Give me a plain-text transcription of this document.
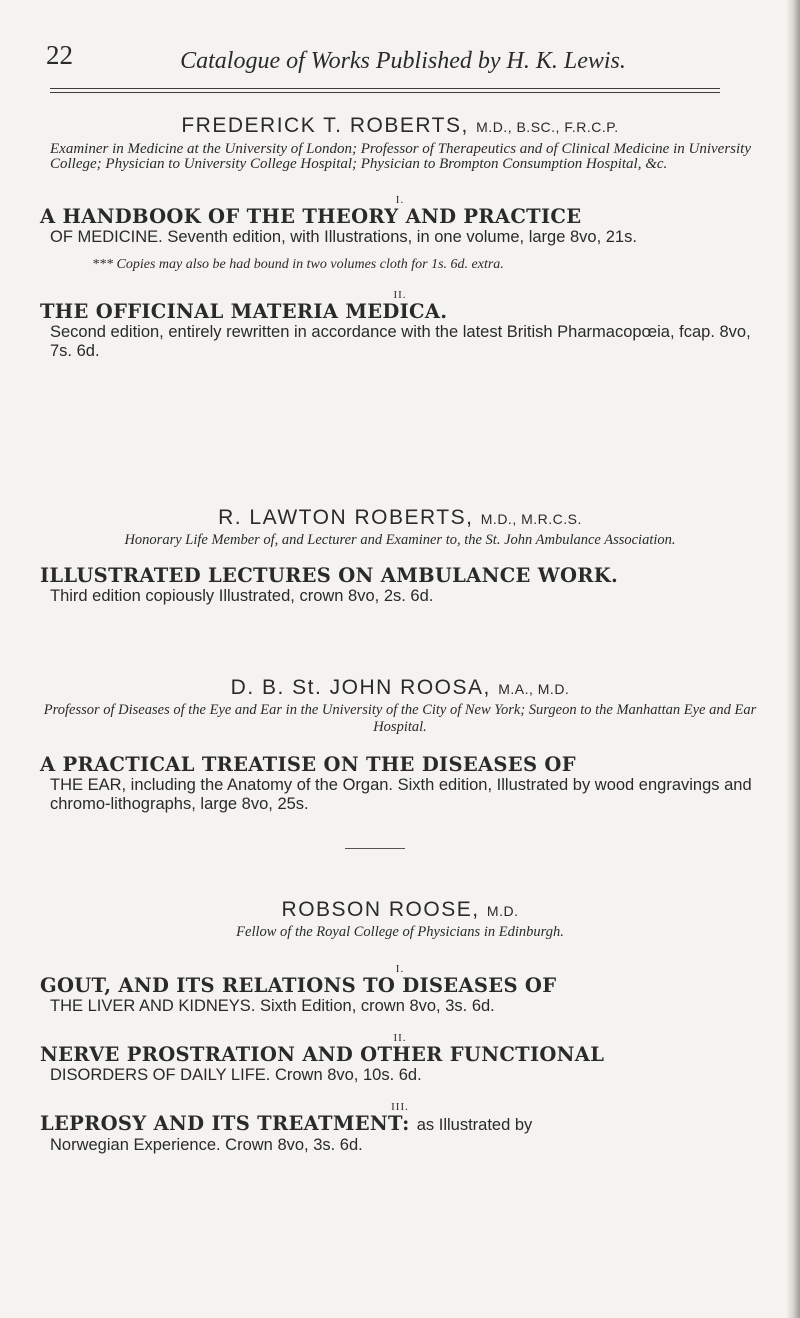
22	Catalogue of Works Published by H. K. Lewis.
FREDERICK T. ROBERTS, M.D., B.SC., F.R.C.P.
Examiner in Medicine at the University of London; Professor of Therapeutics and of Clinical Medicine in University College; Physician to University College Hospital; Physician to Brompton Consumption Hospital, &c.
I.
A HANDBOOK OF THE THEORY AND PRACTICE
OF MEDICINE. Seventh edition, with Illustrations, in one volume, large 8vo, 21s.
*** Copies may also be had bound in two volumes cloth for 1s. 6d. extra.
II.
THE OFFICINAL MATERIA MEDICA.
Second edition, entirely rewritten in accordance with the latest British Pharmacopœia, fcap. 8vo, 7s. 6d.
R. LAWTON ROBERTS, M.D., M.R.C.S.
Honorary Life Member of, and Lecturer and Examiner to, the St. John Ambulance Association.
ILLUSTRATED LECTURES ON AMBULANCE WORK.
Third edition copiously Illustrated, crown 8vo, 2s. 6d.
D. B. St. JOHN ROOSA, M.A., M.D.
Professor of Diseases of the Eye and Ear in the University of the City of New York; Surgeon to the Manhattan Eye and Ear Hospital.
A PRACTICAL TREATISE ON THE DISEASES OF
THE EAR, including the Anatomy of the Organ. Sixth edition, Illustrated by wood engravings and chromo-lithographs, large 8vo, 25s.
ROBSON ROOSE, M.D.
Fellow of the Royal College of Physicians in Edinburgh.
I.
GOUT, AND ITS RELATIONS TO DISEASES OF
THE LIVER AND KIDNEYS. Sixth Edition, crown 8vo, 3s. 6d.
II.
NERVE PROSTRATION AND OTHER FUNCTIONAL
DISORDERS OF DAILY LIFE. Crown 8vo, 10s. 6d.
III.
LEPROSY AND ITS TREATMENT: as Illustrated by
Norwegian Experience. Crown 8vo, 3s. 6d.
